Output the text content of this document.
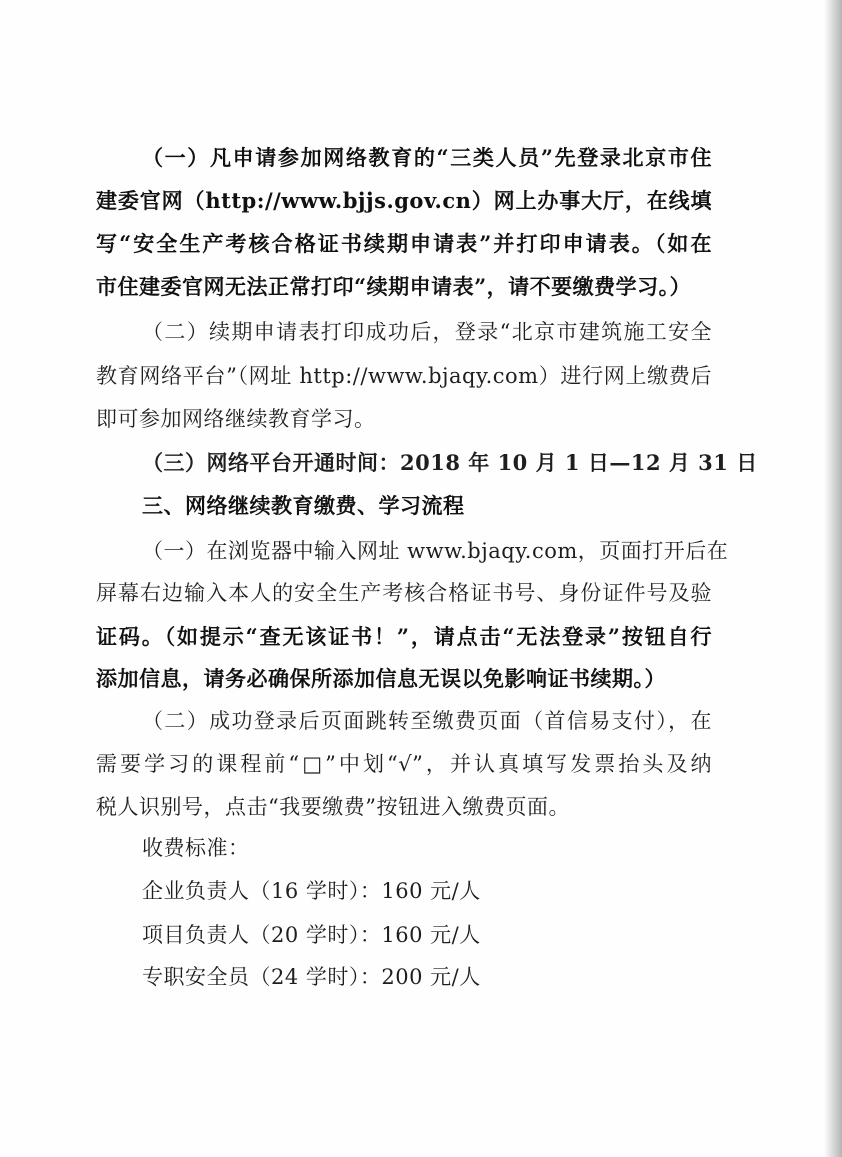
（一）凡申请参加网络教育的“三类人员”先登录北京市住
建委官网（http://www.bjjs.gov.cn）网上办事大厅，在线填
写“安全生产考核合格证书续期申请表”并打印申请表。（如在
市住建委官网无法正常打印“续期申请表”，请不要缴费学习。）
（二）续期申请表打印成功后，登录“北京市建筑施工安全
教育网络平台”（网址 http://www.bjaqy.com）进行网上缴费后
即可参加网络继续教育学习。
（三）网络平台开通时间：2018 年 10 月 1 日—12 月 31 日
三、网络继续教育缴费、学习流程
（一）在浏览器中输入网址 www.bjaqy.com，页面打开后在
屏幕右边输入本人的安全生产考核合格证书号、身份证件号及验
证码。（如提示“查无该证书！”，请点击“无法登录”按钮自行
添加信息，请务必确保所添加信息无误以免影响证书续期。）
（二）成功登录后页面跳转至缴费页面（首信易支付），在
需要学习的课程前“□”中划“√”，并认真填写发票抬头及纳
税人识别号，点击“我要缴费”按钮进入缴费页面。
收费标准：
企业负责人（16 学时）：160 元/人
项目负责人（20 学时）：160 元/人
专职安全员（24 学时）：200 元/人
